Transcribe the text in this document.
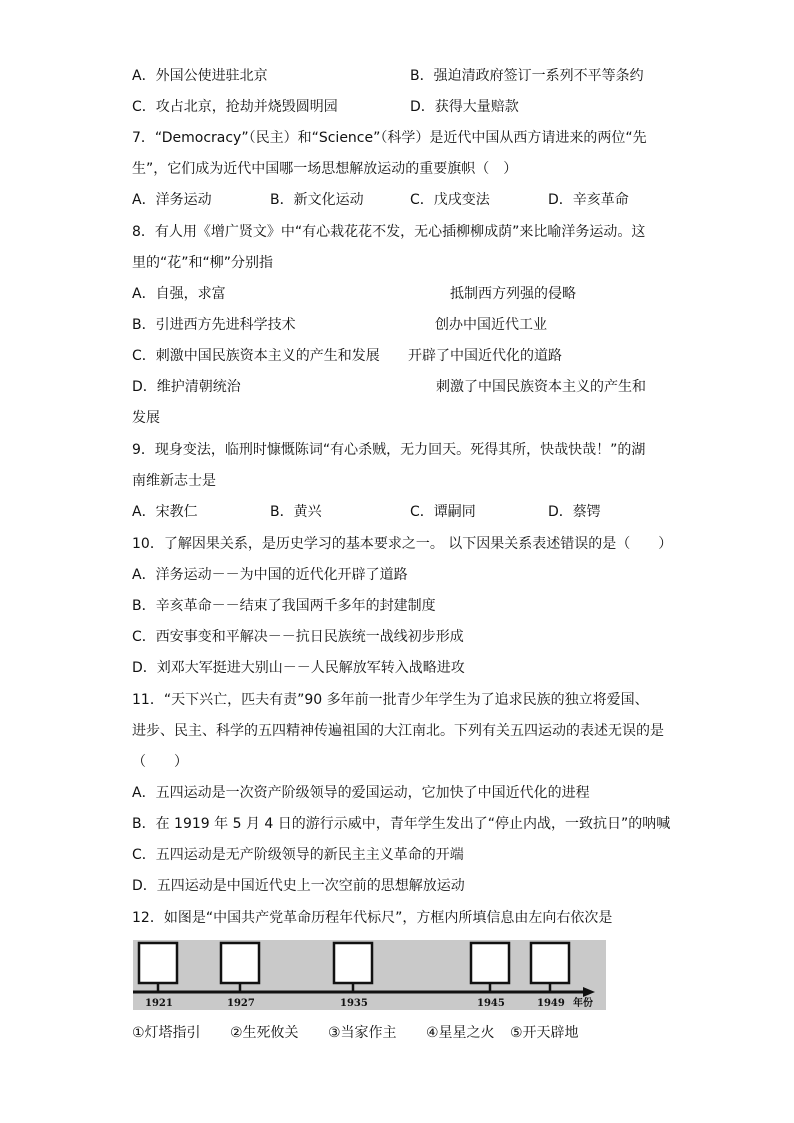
A．外国公使进驻北京	B．强迫清政府签订一系列不平等条约
C．攻占北京，抢劫并烧毁圆明园	D．获得大量赔款
7．“Democracy”（民主）和“Science”（科学）是近代中国从西方请进来的两位“先
生”，它们成为近代中国哪一场思想解放运动的重要旗帜（　）
A．洋务运动	B．新文化运动	C．戊戌变法	D．辛亥革命
8．有人用《增广贤文》中“有心栽花花不发，无心插柳柳成荫”来比喻洋务运动。这
里的“花”和“柳”分别指
A．自强，求富	抵制西方列强的侵略
B．引进西方先进科学技术	创办中国近代工业
C．刺激中国民族资本主义的产生和发展 开辟了中国近代化的道路
D．维护清朝统治	刺激了中国民族资本主义的产生和
发展
9．现身变法，临刑时慷慨陈词“有心杀贼，无力回天。死得其所，快哉快哉！”的湖
南维新志士是
A．宋教仁	B．黄兴	C．谭嗣同	D．蔡锷
10．了解因果关系，是历史学习的基本要求之一。 以下因果关系表述错误的是（　　）
A．洋务运动－－为中国的近代化开辟了道路
B．辛亥革命－－结束了我国两千多年的封建制度
C．西安事变和平解决－－抗日民族统一战线初步形成
D．刘邓大军挺进大别山－－人民解放军转入战略进攻
11．“天下兴亡，匹夫有责”90 多年前一批青少年学生为了追求民族的独立将爱国、
进步、民主、科学的五四精神传遍祖国的大江南北。下列有关五四运动的表述无误的是
（　　）
A．五四运动是一次资产阶级领导的爱国运动，它加快了中国近代化的进程
B．在 1919 年 5 月 4 日的游行示威中，青年学生发出了“停止内战，一致抗日”的呐喊
C．五四运动是无产阶级领导的新民主主义革命的开端
D．五四运动是中国近代史上一次空前的思想解放运动
12．如图是“中国共产党革命历程年代标尺”，方框内所填信息由左向右依次是
1921	1927	1935	1945	1949 年份
①灯塔指引 ②生死攸关 ③当家作主 ④星星之火 ⑤开天辟地
